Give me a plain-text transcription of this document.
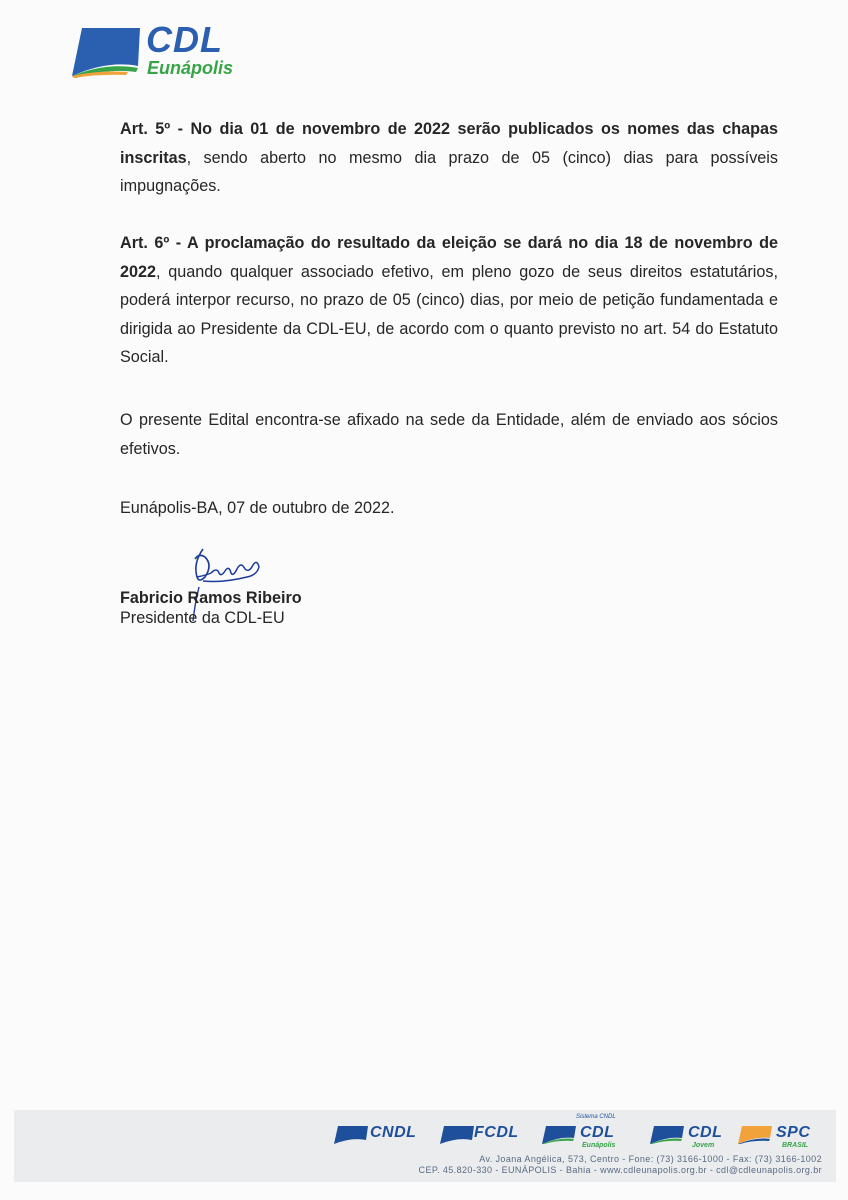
CDL
Eunápolis

Art. 5º - No dia 01 de novembro de 2022 serão publicados os nomes das chapas inscritas, sendo aberto no mesmo dia prazo de 05 (cinco) dias para possíveis impugnações.

Art. 6º - A proclamação do resultado da eleição se dará no dia 18 de novembro de 2022, quando qualquer associado efetivo, em pleno gozo de seus direitos estatutários, poderá interpor recurso, no prazo de 05 (cinco) dias, por meio de petição fundamentada e dirigida ao Presidente da CDL-EU, de acordo com o quanto previsto no art. 54 do Estatuto Social.

O presente Edital encontra-se afixado na sede da Entidade, além de enviado aos sócios efetivos.

Eunápolis-BA, 07 de outubro de 2022.

Fabricio Ramos Ribeiro
Presidente da CDL-EU
CNDL	FCDL
Sistema CNDL
CDL
Eunápolis
CDL
Jovem
SPC
BRASIL
Av. Joana Angélica, 573, Centro - Fone: (73) 3166-1000 - Fax: (73) 3166-1002
CEP. 45.820-330 - EUNÁPOLIS - Bahia - www.cdleunapolis.org.br - cdl@cdleunapolis.org.br
